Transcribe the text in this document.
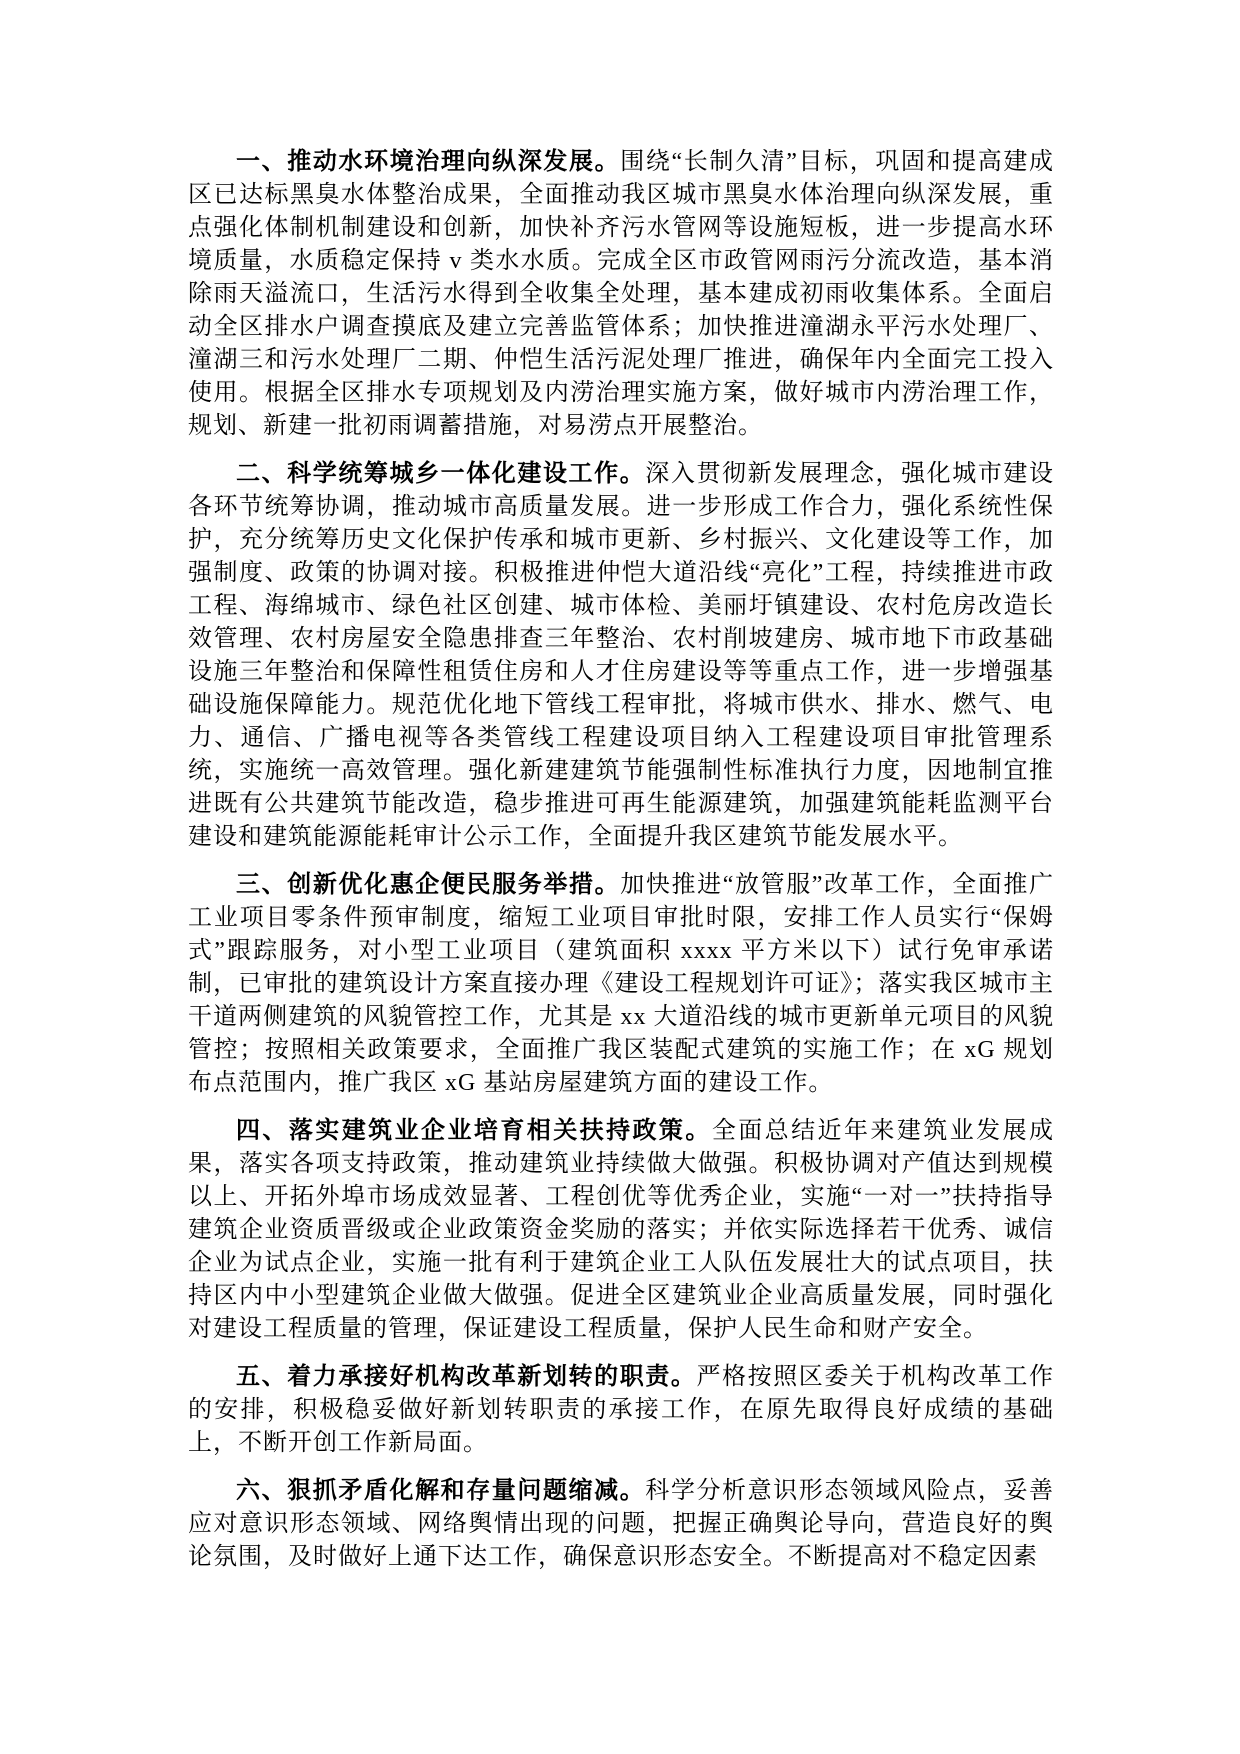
一、推动水环境治理向纵深发展。围绕“长制久清”目标，巩固和提高建成区已达标黑臭水体整治成果，全面推动我区城市黑臭水体治理向纵深发展，重点强化体制机制建设和创新，加快补齐污水管网等设施短板，进一步提高水环境质量，水质稳定保持 v 类水水质。完成全区市政管网雨污分流改造，基本消除雨天溢流口，生活污水得到全收集全处理，基本建成初雨收集体系。全面启动全区排水户调查摸底及建立完善监管体系；加快推进潼湖永平污水处理厂、潼湖三和污水处理厂二期、仲恺生活污泥处理厂推进，确保年内全面完工投入使用。根据全区排水专项规划及内涝治理实施方案，做好城市内涝治理工作，规划、新建一批初雨调蓄措施，对易涝点开展整治。

二、科学统筹城乡一体化建设工作。深入贯彻新发展理念，强化城市建设各环节统筹协调，推动城市高质量发展。进一步形成工作合力，强化系统性保护，充分统筹历史文化保护传承和城市更新、乡村振兴、文化建设等工作，加强制度、政策的协调对接。积极推进仲恺大道沿线“亮化”工程，持续推进市政工程、海绵城市、绿色社区创建、城市体检、美丽圩镇建设、农村危房改造长效管理、农村房屋安全隐患排查三年整治、农村削坡建房、城市地下市政基础设施三年整治和保障性租赁住房和人才住房建设等等重点工作，进一步增强基础设施保障能力。规范优化地下管线工程审批，将城市供水、排水、燃气、电力、通信、广播电视等各类管线工程建设项目纳入工程建设项目审批管理系统，实施统一高效管理。强化新建建筑节能强制性标准执行力度，因地制宜推进既有公共建筑节能改造，稳步推进可再生能源建筑，加强建筑能耗监测平台建设和建筑能源能耗审计公示工作，全面提升我区建筑节能发展水平。

三、创新优化惠企便民服务举措。加快推进“放管服”改革工作，全面推广工业项目零条件预审制度，缩短工业项目审批时限，安排工作人员实行“保姆式”跟踪服务，对小型工业项目（建筑面积 xxxx 平方米以下）试行免审承诺制，已审批的建筑设计方案直接办理《建设工程规划许可证》；落实我区城市主干道两侧建筑的风貌管控工作，尤其是 xx 大道沿线的城市更新单元项目的风貌管控；按照相关政策要求，全面推广我区装配式建筑的实施工作；在 xG 规划布点范围内，推广我区 xG 基站房屋建筑方面的建设工作。

四、落实建筑业企业培育相关扶持政策。全面总结近年来建筑业发展成果，落实各项支持政策，推动建筑业持续做大做强。积极协调对产值达到规模以上、开拓外埠市场成效显著、工程创优等优秀企业，实施“一对一”扶持指导建筑企业资质晋级或企业政策资金奖励的落实；并依实际选择若干优秀、诚信企业为试点企业，实施一批有利于建筑企业工人队伍发展壮大的试点项目，扶持区内中小型建筑企业做大做强。促进全区建筑业企业高质量发展，同时强化对建设工程质量的管理，保证建设工程质量，保护人民生命和财产安全。

五、着力承接好机构改革新划转的职责。严格按照区委关于机构改革工作的安排，积极稳妥做好新划转职责的承接工作，在原先取得良好成绩的基础上，不断开创工作新局面。

六、狠抓矛盾化解和存量问题缩减。科学分析意识形态领域风险点，妥善应对意识形态领域、网络舆情出现的问题，把握正确舆论导向，营造良好的舆论氛围，及时做好上通下达工作，确保意识形态安全。不断提高对不稳定因素
